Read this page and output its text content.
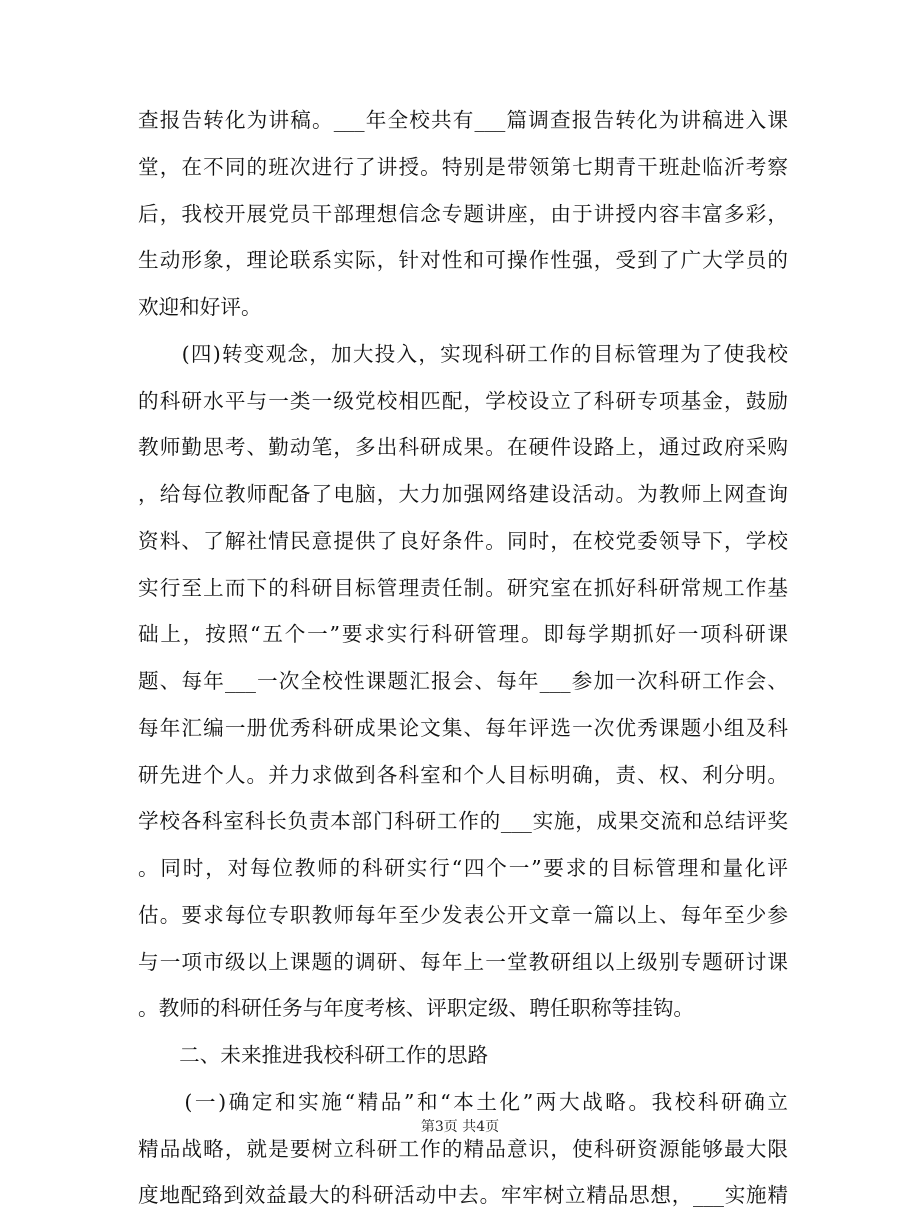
查报告转化为讲稿。___年全校共有___篇调查报告转化为讲稿进入课
堂，在不同的班次进行了讲授。特别是带领第七期青干班赴临沂考察
后，我校开展党员干部理想信念专题讲座，由于讲授内容丰富多彩，
生动形象，理论联系实际，针对性和可操作性强，受到了广大学员的
欢迎和好评。
　　(四)转变观念，加大投入，实现科研工作的目标管理为了使我校
的科研水平与一类一级党校相匹配，学校设立了科研专项基金，鼓励
教师勤思考、勤动笔，多出科研成果。在硬件设路上，通过政府采购
，给每位教师配备了电脑，大力加强网络建设活动。为教师上网查询
资料、了解社情民意提供了良好条件。同时，在校党委领导下，学校
实行至上而下的科研目标管理责任制。研究室在抓好科研常规工作基
础上，按照“五个一”要求实行科研管理。即每学期抓好一项科研课
题、每年___一次全校性课题汇报会、每年___参加一次科研工作会、
每年汇编一册优秀科研成果论文集、每年评选一次优秀课题小组及科
研先进个人。并力求做到各科室和个人目标明确，责、权、利分明。
学校各科室科长负责本部门科研工作的___实施，成果交流和总结评奖
。同时，对每位教师的科研实行“四个一”要求的目标管理和量化评
估。要求每位专职教师每年至少发表公开文章一篇以上、每年至少参
与一项市级以上课题的调研、每年上一堂教研组以上级别专题研讨课
。教师的科研任务与年度考核、评职定级、聘任职称等挂钩。
　　二、未来推进我校科研工作的思路
　　(一)确定和实施“精品”和“本土化”两大战略。我校科研确立
精品战略，就是要树立科研工作的精品意识，使科研资源能够最大限
度地配臵到效益最大的科研活动中去。牢牢树立精品思想，___实施精
第3页 共4页
